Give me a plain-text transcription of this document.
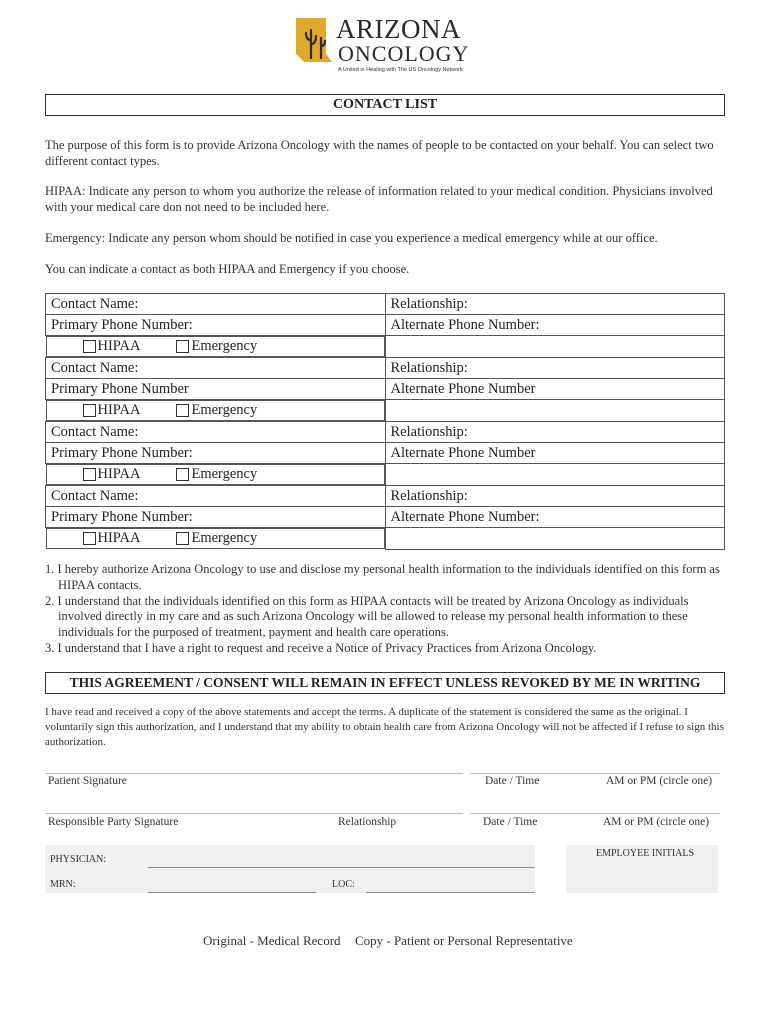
ARIZONA
ONCOLOGY
A United in Healing with The US Oncology Network
CONTACT LIST
The purpose of this form is to provide Arizona Oncology with the names of people to be contacted on your behalf. You can select two different contact types.
HIPAA: Indicate any person to whom you authorize the release of information related to your medical condition. Physicians involved with your medical care don not need to be included here.
Emergency: Indicate any person whom should be notified in case you experience a medical emergency while at our office.
You can indicate a contact as both HIPAA and Emergency if you choose.
Contact Name:	Relationship:
Primary Phone Number:	Alternate Phone Number:

HIPAA	Emergency

Contact Name:	Relationship:
Primary Phone Number	Alternate Phone Number

HIPAA	Emergency

Contact Name:	Relationship:
Primary Phone Number:	Alternate Phone Number

HIPAA	Emergency

Contact Name:	Relationship:
Primary Phone Number:	Alternate Phone Number:

HIPAA	Emergency
1. I hereby authorize Arizona Oncology to use and disclose my personal health information to the individuals identified on this form as HIPAA contacts.
2. I understand that the individuals identified on this form as HIPAA contacts will be treated by Arizona Oncology as individuals involved directly in my care and as such Arizona Oncology will be allowed to release my personal health information to these individuals for the purposed of treatment, payment and health care operations.
3. I understand that I have a right to request and receive a Notice of Privacy Practices from Arizona Oncology.
THIS AGREEMENT / CONSENT WILL REMAIN IN EFFECT UNLESS REVOKED BY ME IN WRITING
I have read and received a copy of the above statements and accept the terms. A duplicate of the statement is considered the same as the original. I voluntarily sign this authorization, and I understand that my ability to obtain health care from Arizona Oncology will not be affected if I refuse to sign this authorization.
Patient Signature	Date / Time	AM or PM (circle one)
Responsible Party Signature	Relationship	Date / Time	AM or PM (circle one)
PHYSICIAN:
MRN:	LOC:
EMPLOYEE INITIALS
Original - Medical Record Copy - Patient or Personal Representative
